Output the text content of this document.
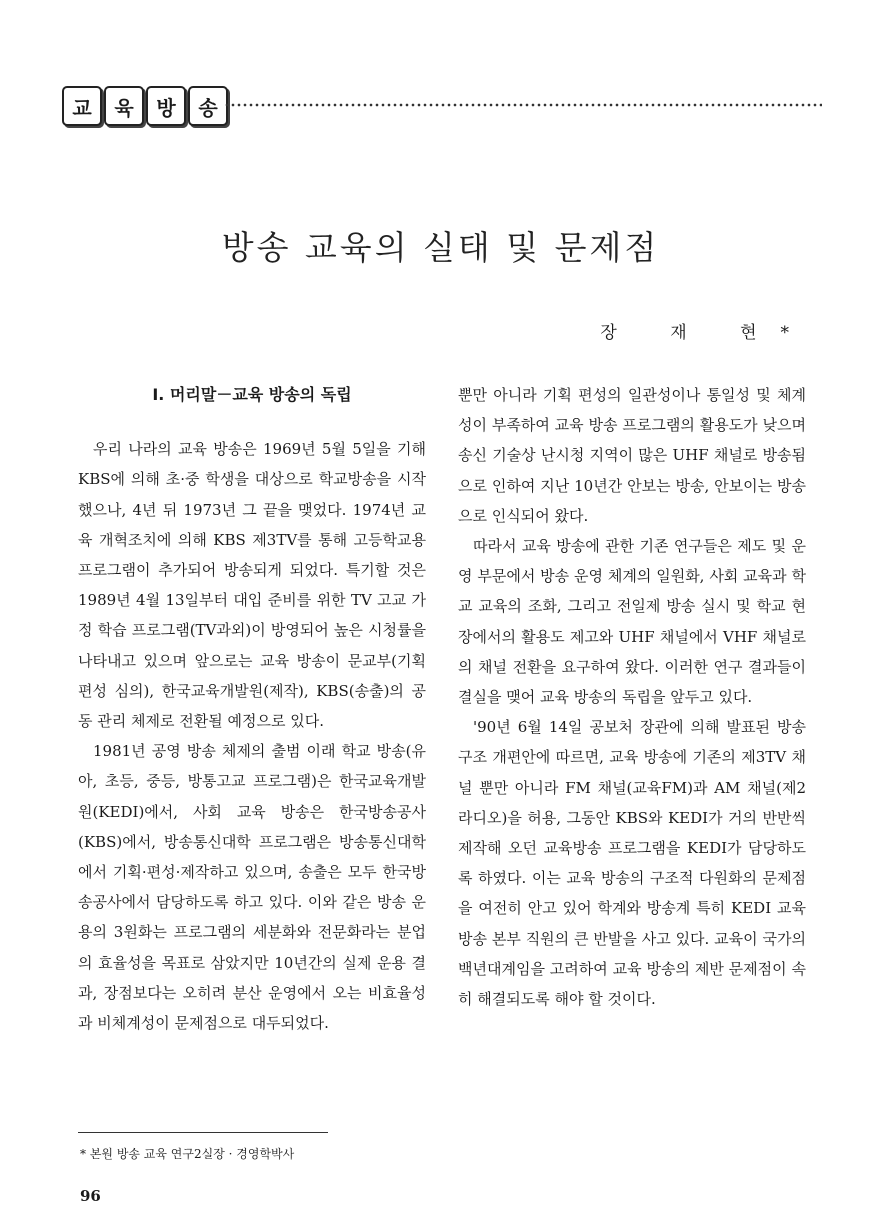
교	육	방	송
방송 교육의 실태 및 문제점
장 재 현*
Ⅰ. 머리말－교육 방송의 독립

우리 나라의 교육 방송은 1969년 5월 5일을 기해 KBS에 의해 초·중 학생을 대상으로 학교방송을 시작했으나, 4년 뒤 1973년 그 끝을 맺었다. 1974년 교육 개혁조치에 의해 KBS 제3TV를 통해 고등학교용 프로그램이 추가되어 방송되게 되었다. 특기할 것은 1989년 4월 13일부터 대입 준비를 위한 TV 고교 가정 학습 프로그램(TV과외)이 방영되어 높은 시청률을 나타내고 있으며 앞으로는 교육 방송이 문교부(기획 편성 심의), 한국교육개발원(제작), KBS(송출)의 공동 관리 체제로 전환될 예정으로 있다.

1981년 공영 방송 체제의 출범 이래 학교 방송(유아, 초등, 중등, 방통고교 프로그램)은 한국교육개발원(KEDI)에서, 사회 교육 방송은 한국방송공사(KBS)에서, 방송통신대학 프로그램은 방송통신대학에서 기획·편성·제작하고 있으며, 송출은 모두 한국방송공사에서 담당하도록 하고 있다. 이와 같은 방송 운용의 3원화는 프로그램의 세분화와 전문화라는 분업의 효율성을 목표로 삼았지만 10년간의 실제 운용 결과, 장점보다는 오히려 분산 운영에서 오는 비효율성과 비체계성이 문제점으로 대두되었다.

뿐만 아니라 기획 편성의 일관성이나 통일성 및 체계성이 부족하여 교육 방송 프로그램의 활용도가 낮으며 송신 기술상 난시청 지역이 많은 UHF 채널로 방송됨으로 인하여 지난 10년간 안보는 방송, 안보이는 방송으로 인식되어 왔다.

따라서 교육 방송에 관한 기존 연구들은 제도 및 운영 부문에서 방송 운영 체계의 일원화, 사회 교육과 학교 교육의 조화, 그리고 전일제 방송 실시 및 학교 현장에서의 활용도 제고와 UHF 채널에서 VHF 채널로의 채널 전환을 요구하여 왔다. 이러한 연구 결과들이 결실을 맺어 교육 방송의 독립을 앞두고 있다.

'90년 6월 14일 공보처 장관에 의해 발표된 방송 구조 개편안에 따르면, 교육 방송에 기존의 제3TV 채널 뿐만 아니라 FM 채널(교육FM)과 AM 채널(제2라디오)을 허용, 그동안 KBS와 KEDI가 거의 반반씩 제작해 오던 교육방송 프로그램을 KEDI가 담당하도록 하였다. 이는 교육 방송의 구조적 다원화의 문제점을 여전히 안고 있어 학계와 방송계 특히 KEDI 교육 방송 본부 직원의 큰 반발을 사고 있다. 교육이 국가의 백년대계임을 고려하여 교육 방송의 제반 문제점이 속히 해결되도록 해야 할 것이다.

* 본원 방송 교육 연구2실장 · 경영학박사
96
